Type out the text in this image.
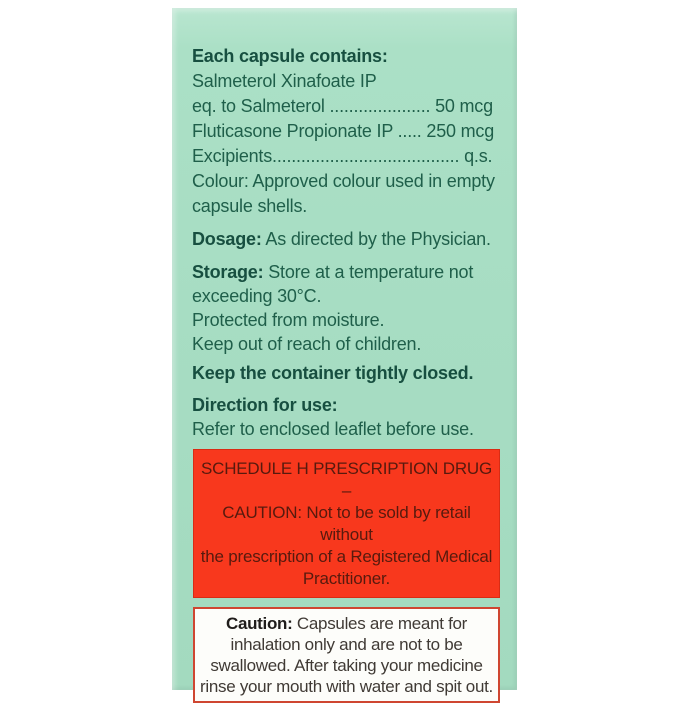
Each capsule contains:
Salmeterol Xinafoate IP
eq. to Salmeterol ..................... 50 mcg
Fluticasone Propionate IP ..... 250 mcg
Excipients....................................... q.s.
Colour: Approved colour used in empty
capsule shells.
Dosage: As directed by the Physician.
Storage: Store at a temperature not
exceeding 30°C.
Protected from moisture.
Keep out of reach of children.
Keep the container tightly closed.
Direction for use:
Refer to enclosed leaflet before use.
SCHEDULE H PRESCRIPTION DRUG –
CAUTION: Not to be sold by retail without
the prescription of a Registered Medical
Practitioner.
Caution: Capsules are meant for
inhalation only and are not to be
swallowed. After taking your medicine
rinse your mouth with water and spit out.
